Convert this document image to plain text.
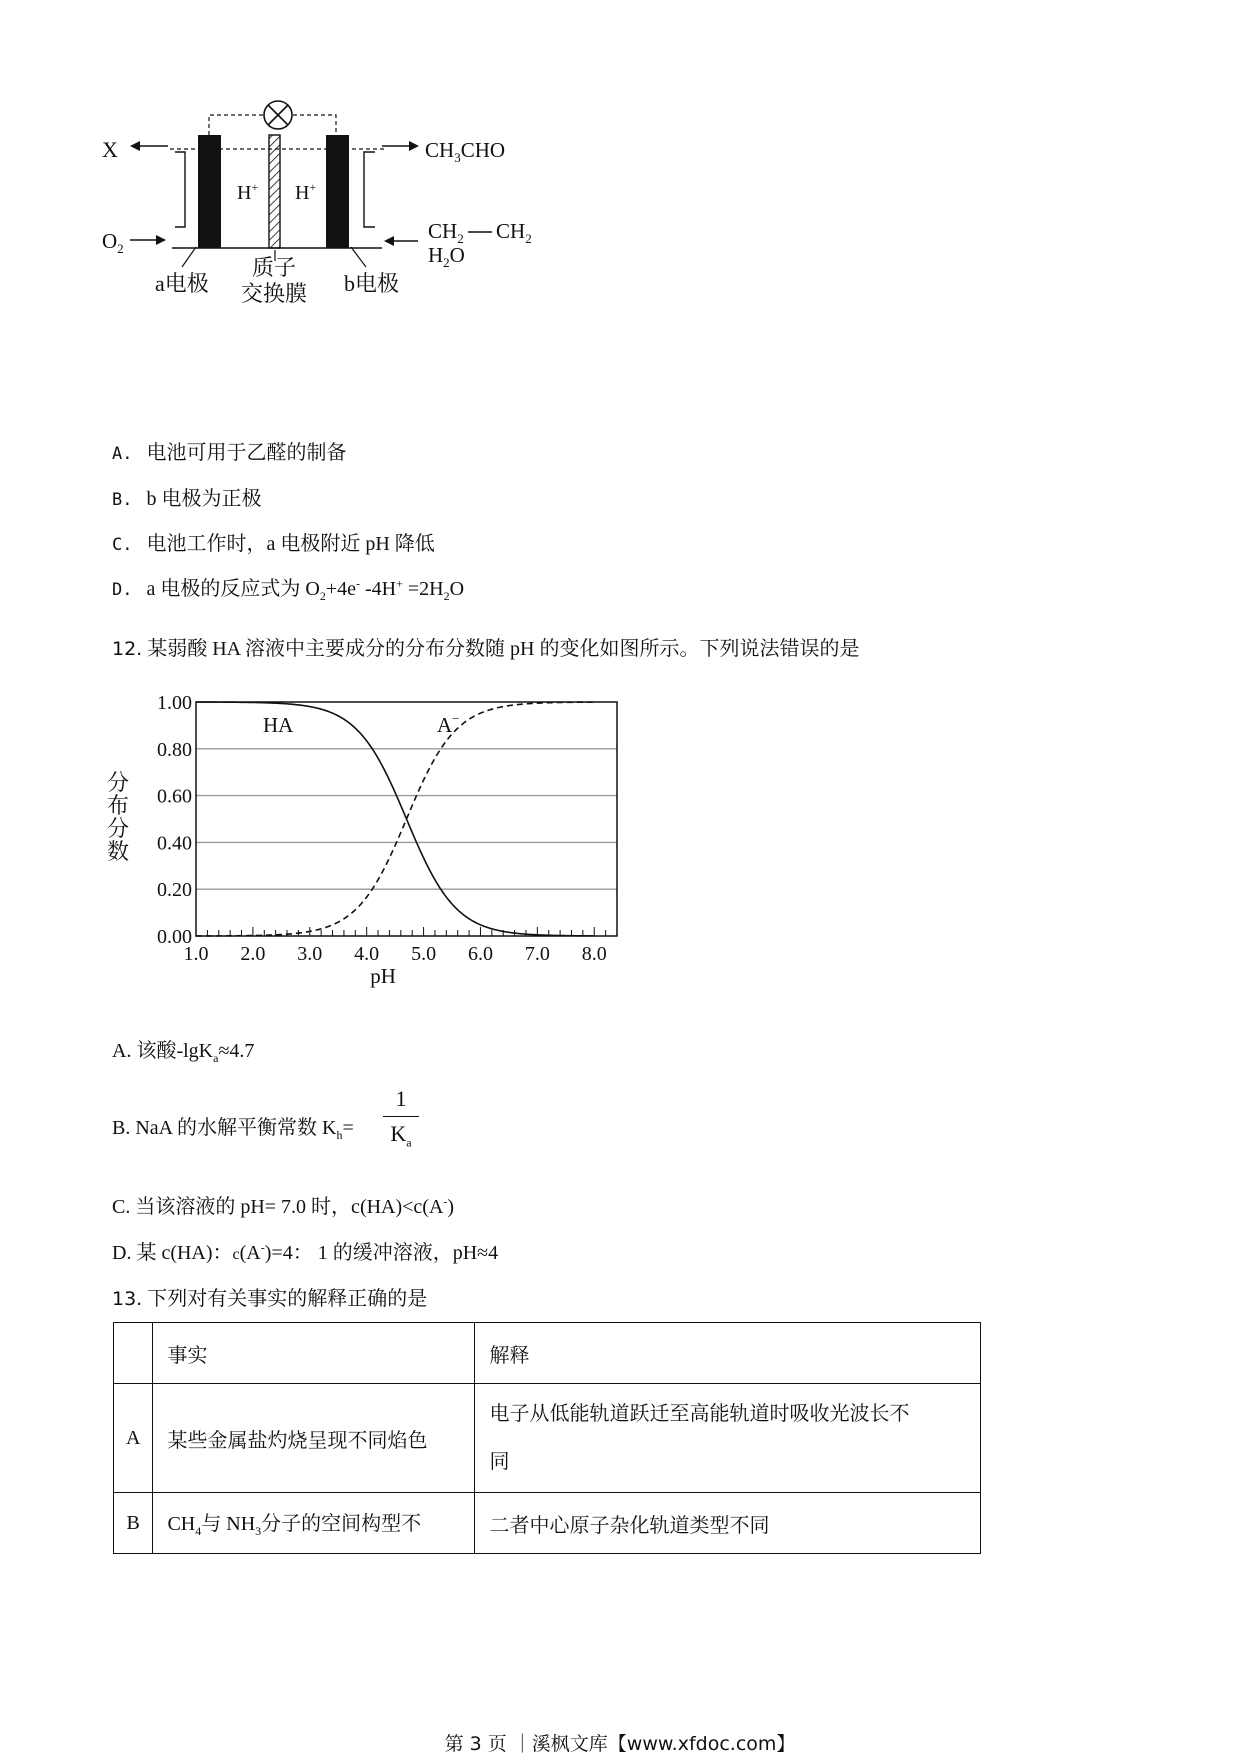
X
$O_2$
H+ H+
$CH_3CHO$
$CH_2$ $CH_2$
$H_2O$
a电极
质子
交换膜 b电极
A. 电池可用于乙醛的制备
B. b 电极为正极
C. 电池工作时，a 电极附近 pH 降低
D. a 电极的反应式为 $O_2+4e^-$ $-4H^+ =2H_2O$
12. 某弱酸 HA 溶液中主要成分的分布分数随 pH 的变化如图所示。下列说法错误的是
0.00
0.20
0.40
0.60
0.80
1.00
1.0 2.0 3.0 4.0 5.0 6.0 7.0 8.0
pH
分布分数
HA	A−
A. 该酸-lgK$_a$≈4.7
B. NaA 的水解平衡常数 $K_h=$
1
$K_a$
C. 当该溶液的 pH= 7.0 时，c(HA)<c(A-)
D. 某 c(HA)：c(A-)=4： 1 的缓冲溶液，pH≈4
13. 下列对有关事实的解释正确的是
	事实	解释
A	某些金属盐灼烧呈现不同焰色	电子从低能轨道跃迁至高能轨道时吸收光波长不
同
B	$CH_4$与 $NH_3$分子的空间构型不	二者中心原子杂化轨道类型不同
第 3 页 ｜溪枫文库【www.xfdoc.com】
